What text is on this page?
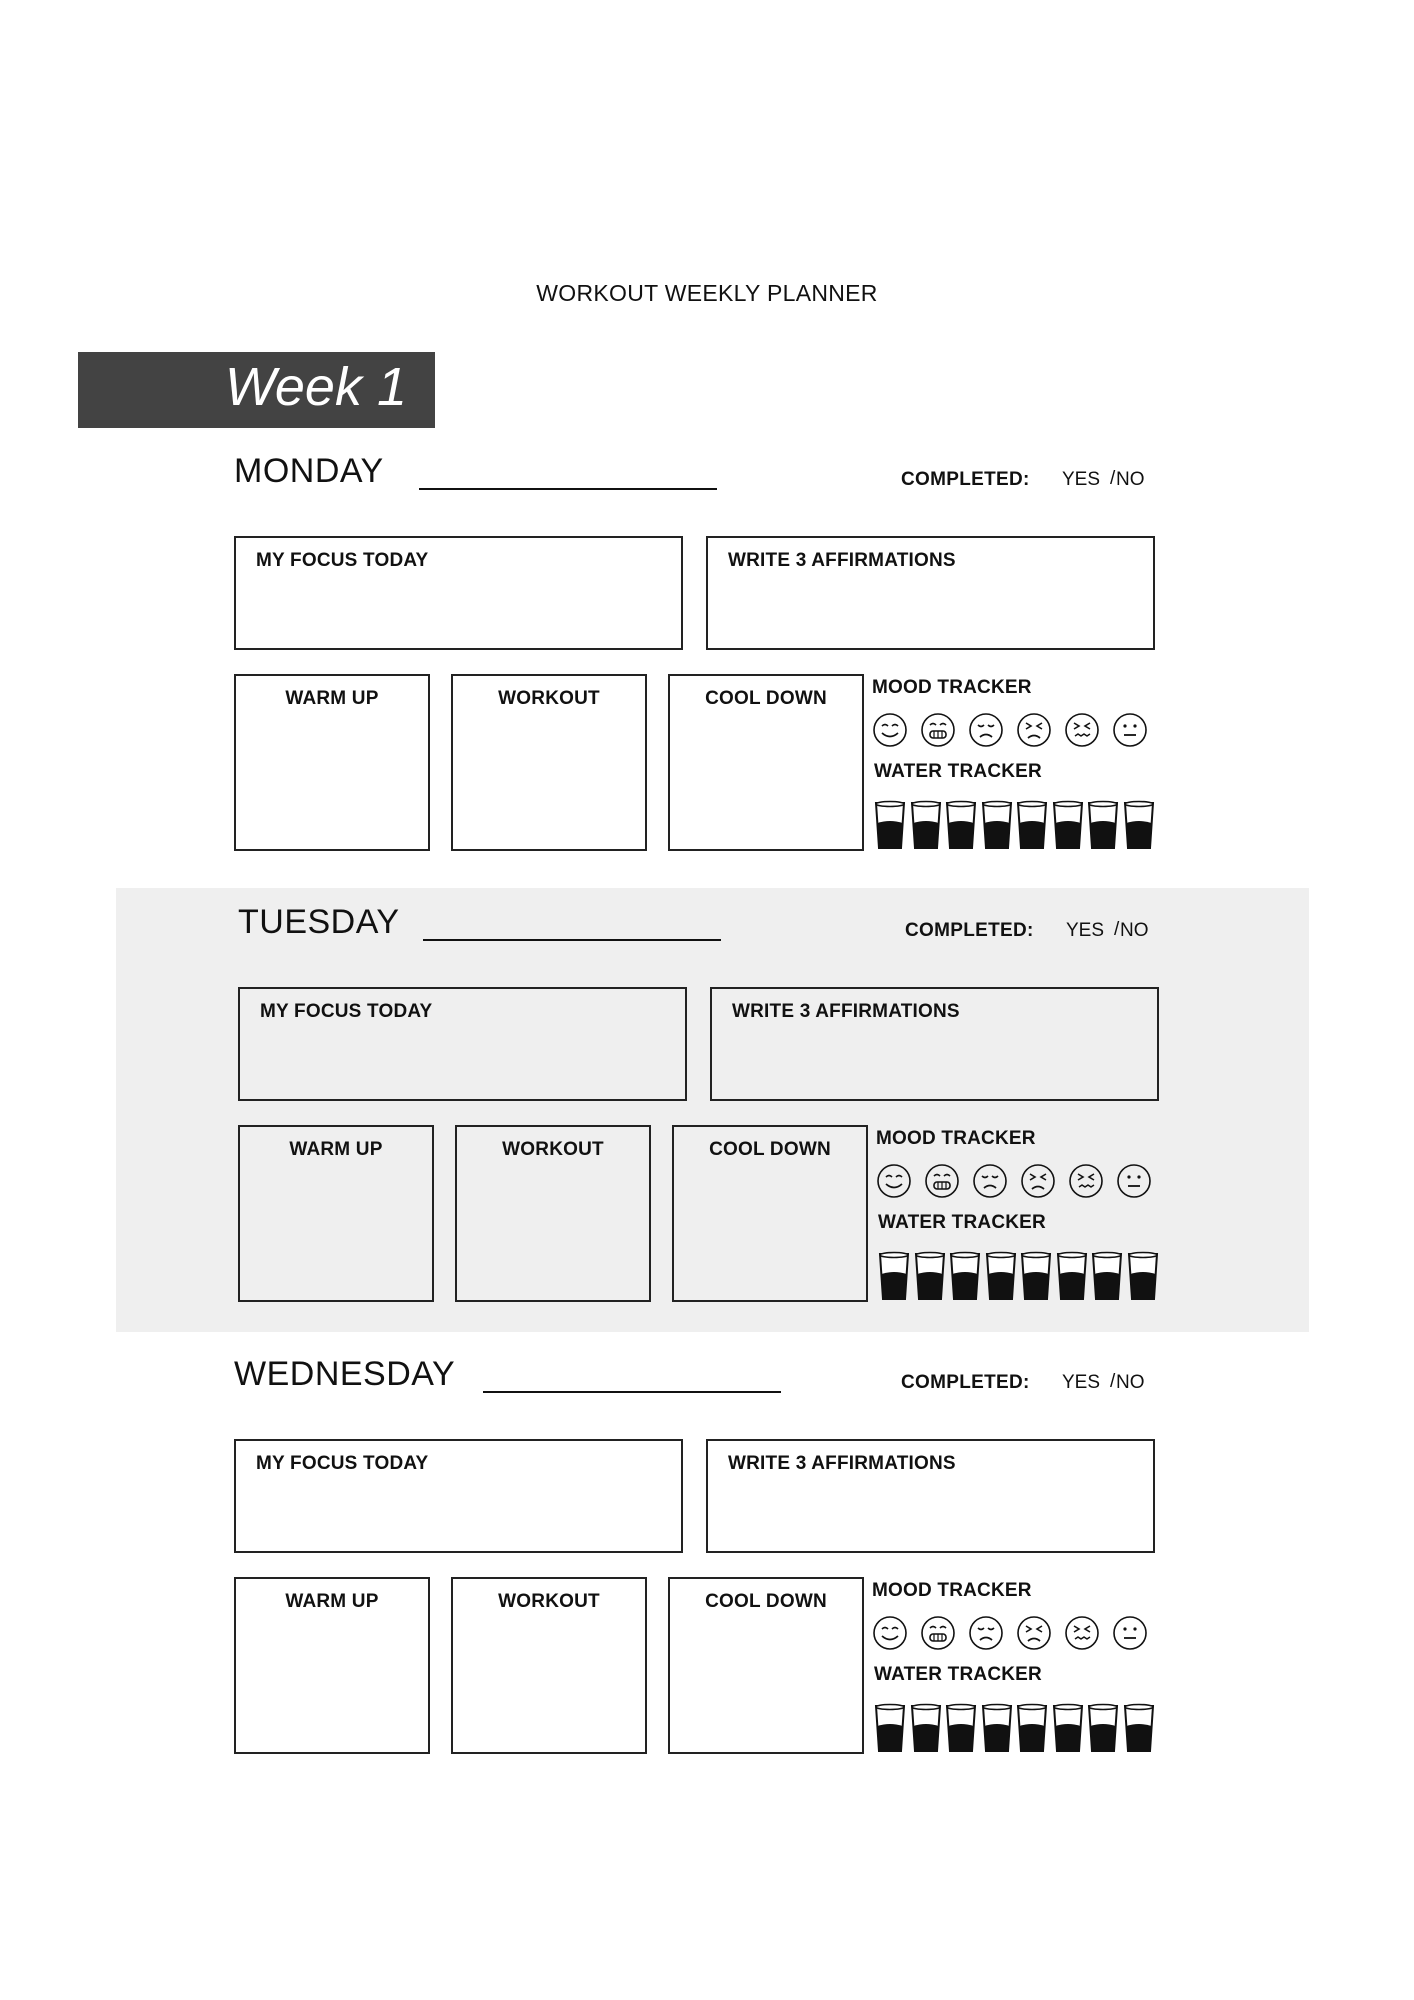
WORKOUT WEEKLY PLANNER
Week 1
MONDAY	COMPLETED: YES / NO
MY FOCUS TODAY	WRITE 3 AFFIRMATIONS
WARM UP	WORKOUT	COOL DOWN
MOOD TRACKER
WATER TRACKER
TUESDAY	COMPLETED: YES / NO
MY FOCUS TODAY	WRITE 3 AFFIRMATIONS
WARM UP	WORKOUT	COOL DOWN
MOOD TRACKER
WATER TRACKER
WEDNESDAY	COMPLETED: YES / NO
MY FOCUS TODAY	WRITE 3 AFFIRMATIONS
WARM UP	WORKOUT	COOL DOWN
MOOD TRACKER
WATER TRACKER
